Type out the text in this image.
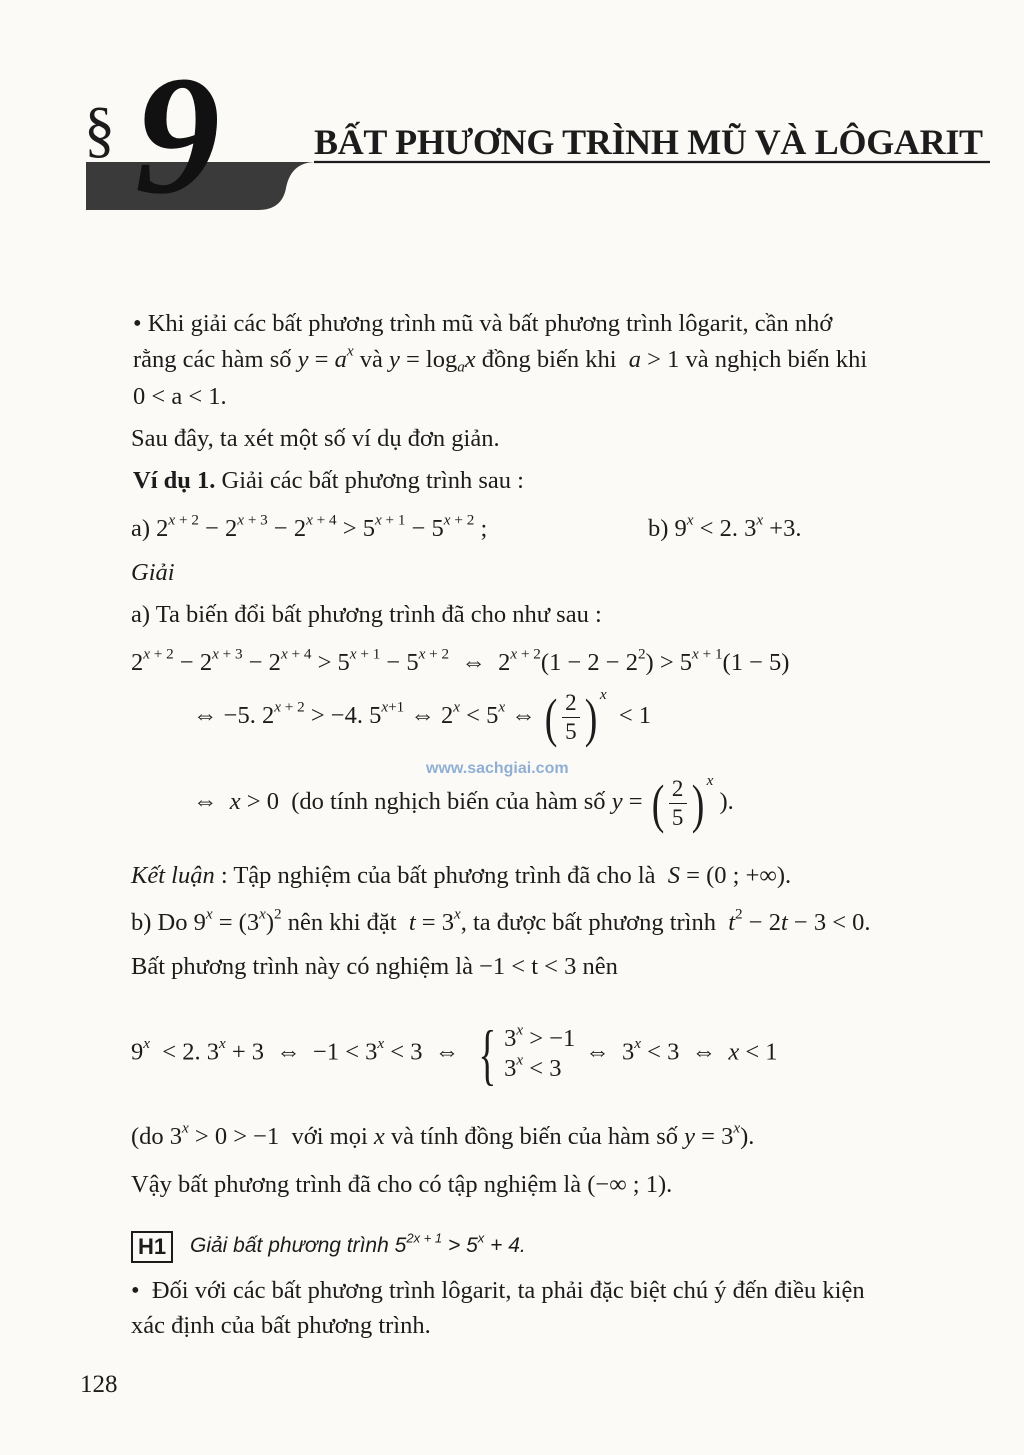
§ 9	BẤT PHƯƠNG TRÌNH MŨ VÀ LÔGARIT
• Khi giải các bất phương trình mũ và bất phương trình lôgarit, cần nhớ
rằng các hàm số $y = a^x$ và $y = \log_ax$ đồng biến khi a > 1 và nghịch biến khi
0 < a < 1.
Sau đây, ta xét một số ví dụ đơn giản.
Ví dụ 1. Giải các bất phương trình sau :
a) $2^{x + 2} - 2^{x + 3} - 2^{x + 4} > 5^{x + 1} - 5^{x + 2}$ ;	b) $9^x < 2$. $3^x +3$.
Giải
a) Ta biến đổi bất phương trình đã cho như sau :
$2^{x + 2} - 2^{x + 3} - 2^{x + 4} > 5^{x + 1} - 5^{x + 2}$  ⇔  $2^{x + 2}(1 - 2 - 2^2) > 5^{x + 1}(1 - 5)$
⇔ −5. $2^{x + 2} > -4$. $5^{x+1}$ ⇔ $2^x < 5^x$ ⇔ ( $\frac{2}{5}$ ) $^x$  < 1
www.sachgiai.com
⇔  x > 0  (do tính nghịch biến của hàm số y = ( $\frac{2}{5}$ ) $^x$ ).
Kết luận : Tập nghiệm của bất phương trình đã cho là S = (0 ; +∞).
b) Do $9^x = (3^x)^2$ nên khi đặt $t = 3^x$, ta được bất phương trình $t^2 - 2t - 3 < 0$.
Bất phương trình này có nghiệm là −1 < t < 3 nên
9$^x$  < 2. $3^x + 3$  ⇔  $-1 < 3^x < 3$  ⇔  { $3^x > -1$
$3^x < 3$
⇔  $3^x < 3$  ⇔  x < 1
(do $3^x > 0 > -1$  với mọi x và tính đồng biến của hàm số $y = 3^x$).
Vậy bất phương trình đã cho có tập nghiệm là (−∞ ; 1).
H1	Giải bất phương trình $5^{2x + 1} > 5^x + 4$.
• Đối với các bất phương trình lôgarit, ta phải đặc biệt chú ý đến điều kiện
xác định của bất phương trình.
128
